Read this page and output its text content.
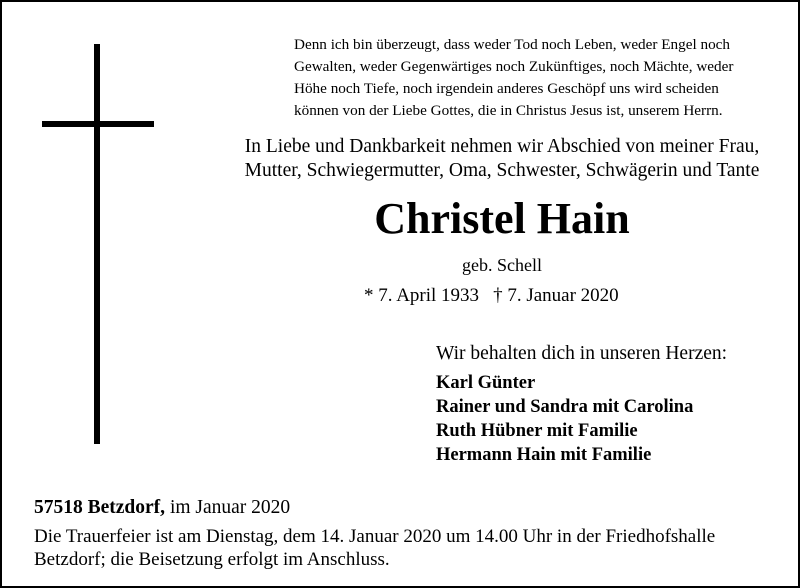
Denn ich bin überzeugt, dass weder Tod noch Leben, weder Engel noch
Gewalten, weder Gegenwärtiges noch Zukünftiges, noch Mächte, weder
Höhe noch Tiefe, noch irgendein anderes Geschöpf uns wird scheiden
können von der Liebe Gottes, die in Christus Jesus ist, unserem Herrn.
In Liebe und Dankbarkeit nehmen wir Abschied von meiner Frau,
Mutter, Schwiegermutter, Oma, Schwester, Schwägerin und Tante
Christel Hain
geb. Schell
* 7. April 1933 † 7. Januar 2020
Wir behalten dich in unseren Herzen:
Karl Günter
Rainer und Sandra mit Carolina
Ruth Hübner mit Familie
Hermann Hain mit Familie
57518 Betzdorf, im Januar 2020
Die Trauerfeier ist am Dienstag, dem 14. Januar 2020 um 14.00 Uhr in der Friedhofshalle
Betzdorf; die Beisetzung erfolgt im Anschluss.
